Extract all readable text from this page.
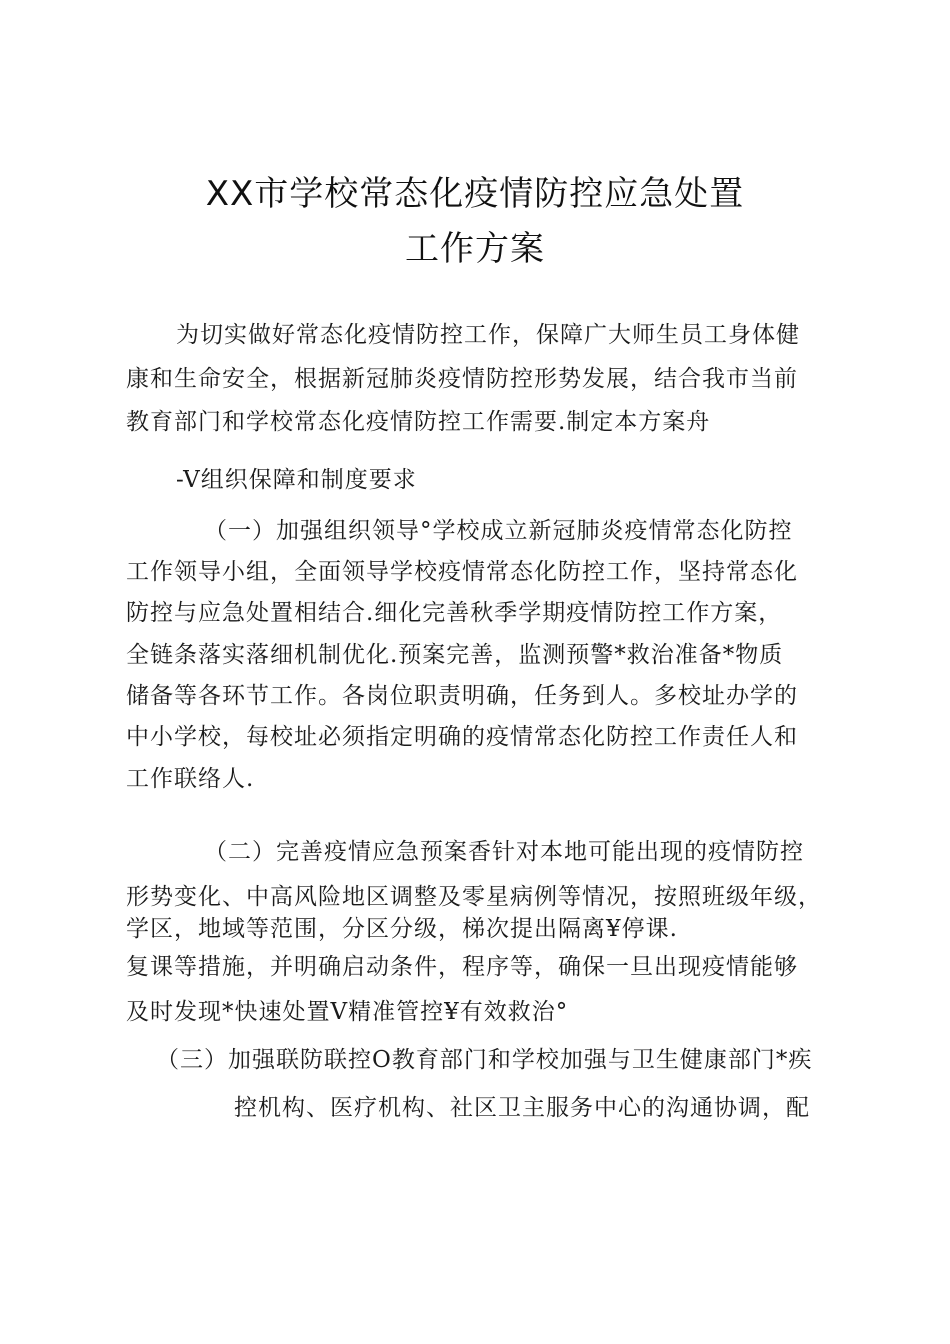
XX市学校常态化疫情防控应急处置
工作方案
为切实做好常态化疫情防控工作，保障广大师生员工身体健
康和生命安全，根据新冠肺炎疫情防控形势发展，结合我市当前
教育部门和学校常态化疫情防控工作需要.制定本方案舟
-V组织保障和制度要求
（一）加强组织领导°学校成立新冠肺炎疫情常态化防控
工作领导小组，全面领导学校疫情常态化防控工作，坚持常态化
防控与应急处置相结合.细化完善秋季学期疫情防控工作方案，
全链条落实落细机制优化.预案完善，监测预警*救治准备*物质
储备等各环节工作。各岗位职责明确，任务到人。多校址办学的
中小学校，每校址必须指定明确的疫情常态化防控工作责任人和
工作联络人.
（二）完善疫情应急预案香针对本地可能出现的疫情防控
形势变化、中高风险地区调整及零星病例等情况，按照班级年级，
学区，地域等范围，分区分级，梯次提出隔离¥停课.
复课等措施，并明确启动条件，程序等，确保一旦出现疫情能够
及时发现*快速处置V精准管控¥有效救治°
（三）加强联防联控O教育部门和学校加强与卫生健康部门*疾
控机构、医疗机构、社区卫主服务中心的沟通协调，配
